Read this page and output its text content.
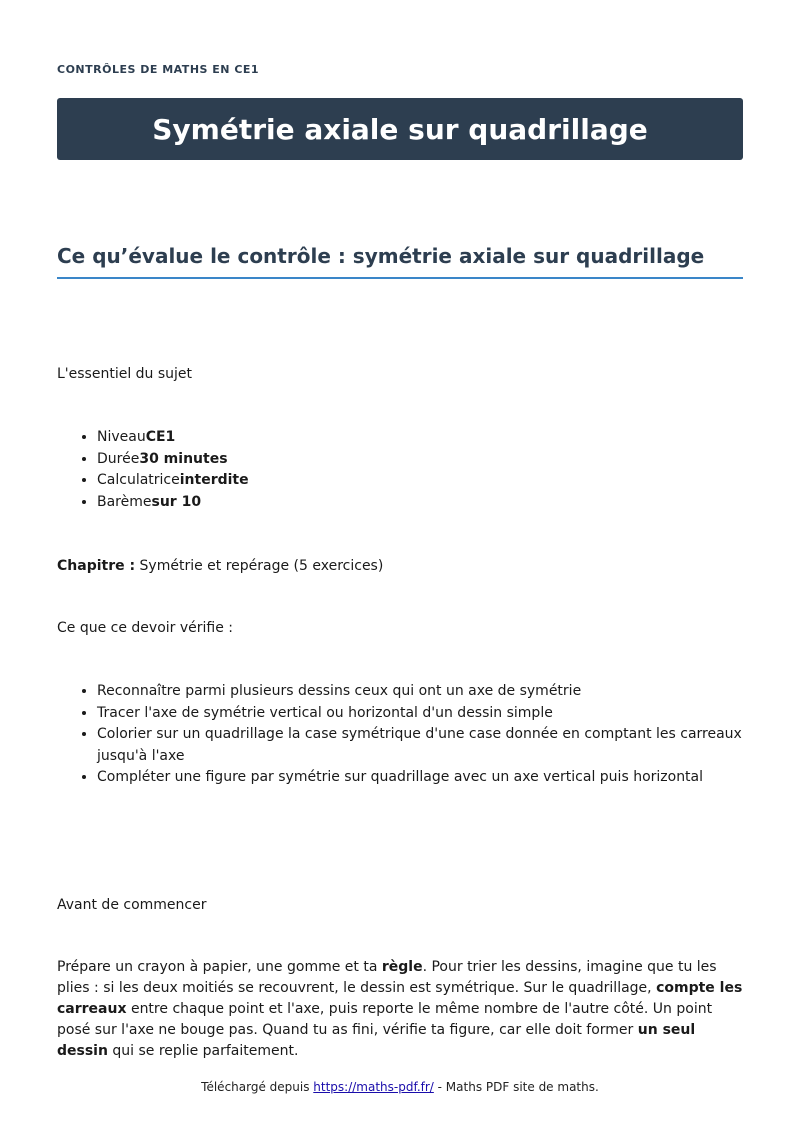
CONTRÔLES DE MATHS EN CE1
Symétrie axiale sur quadrillage
Ce qu’évalue le contrôle : symétrie axiale sur quadrillage

L'essentiel du sujet

• NiveauCE1
• Durée30 minutes
• Calculatriceinterdite
• Barèmesur 10

Chapitre : Symétrie et repérage (5 exercices)

Ce que ce devoir vérifie :

• Reconnaître parmi plusieurs dessins ceux qui ont un axe de symétrie
• Tracer l'axe de symétrie vertical ou horizontal d'un dessin simple
• Colorier sur un quadrillage la case symétrique d'une case donnée en comptant les carreaux jusqu'à l'axe
• Compléter une figure par symétrie sur quadrillage avec un axe vertical puis horizontal

Avant de commencer

Prépare un crayon à papier, une gomme et ta règle. Pour trier les dessins, imagine que tu les plies : si les deux moitiés se recouvrent, le dessin est symétrique. Sur le quadrillage, compte les carreaux entre chaque point et l'axe, puis reporte le même nombre de l'autre côté. Un point posé sur l'axe ne bouge pas. Quand tu as fini, vérifie ta figure, car elle doit former un seul dessin qui se replie parfaitement.

Téléchargé depuis https://maths-pdf.fr/ - Maths PDF site de maths.
